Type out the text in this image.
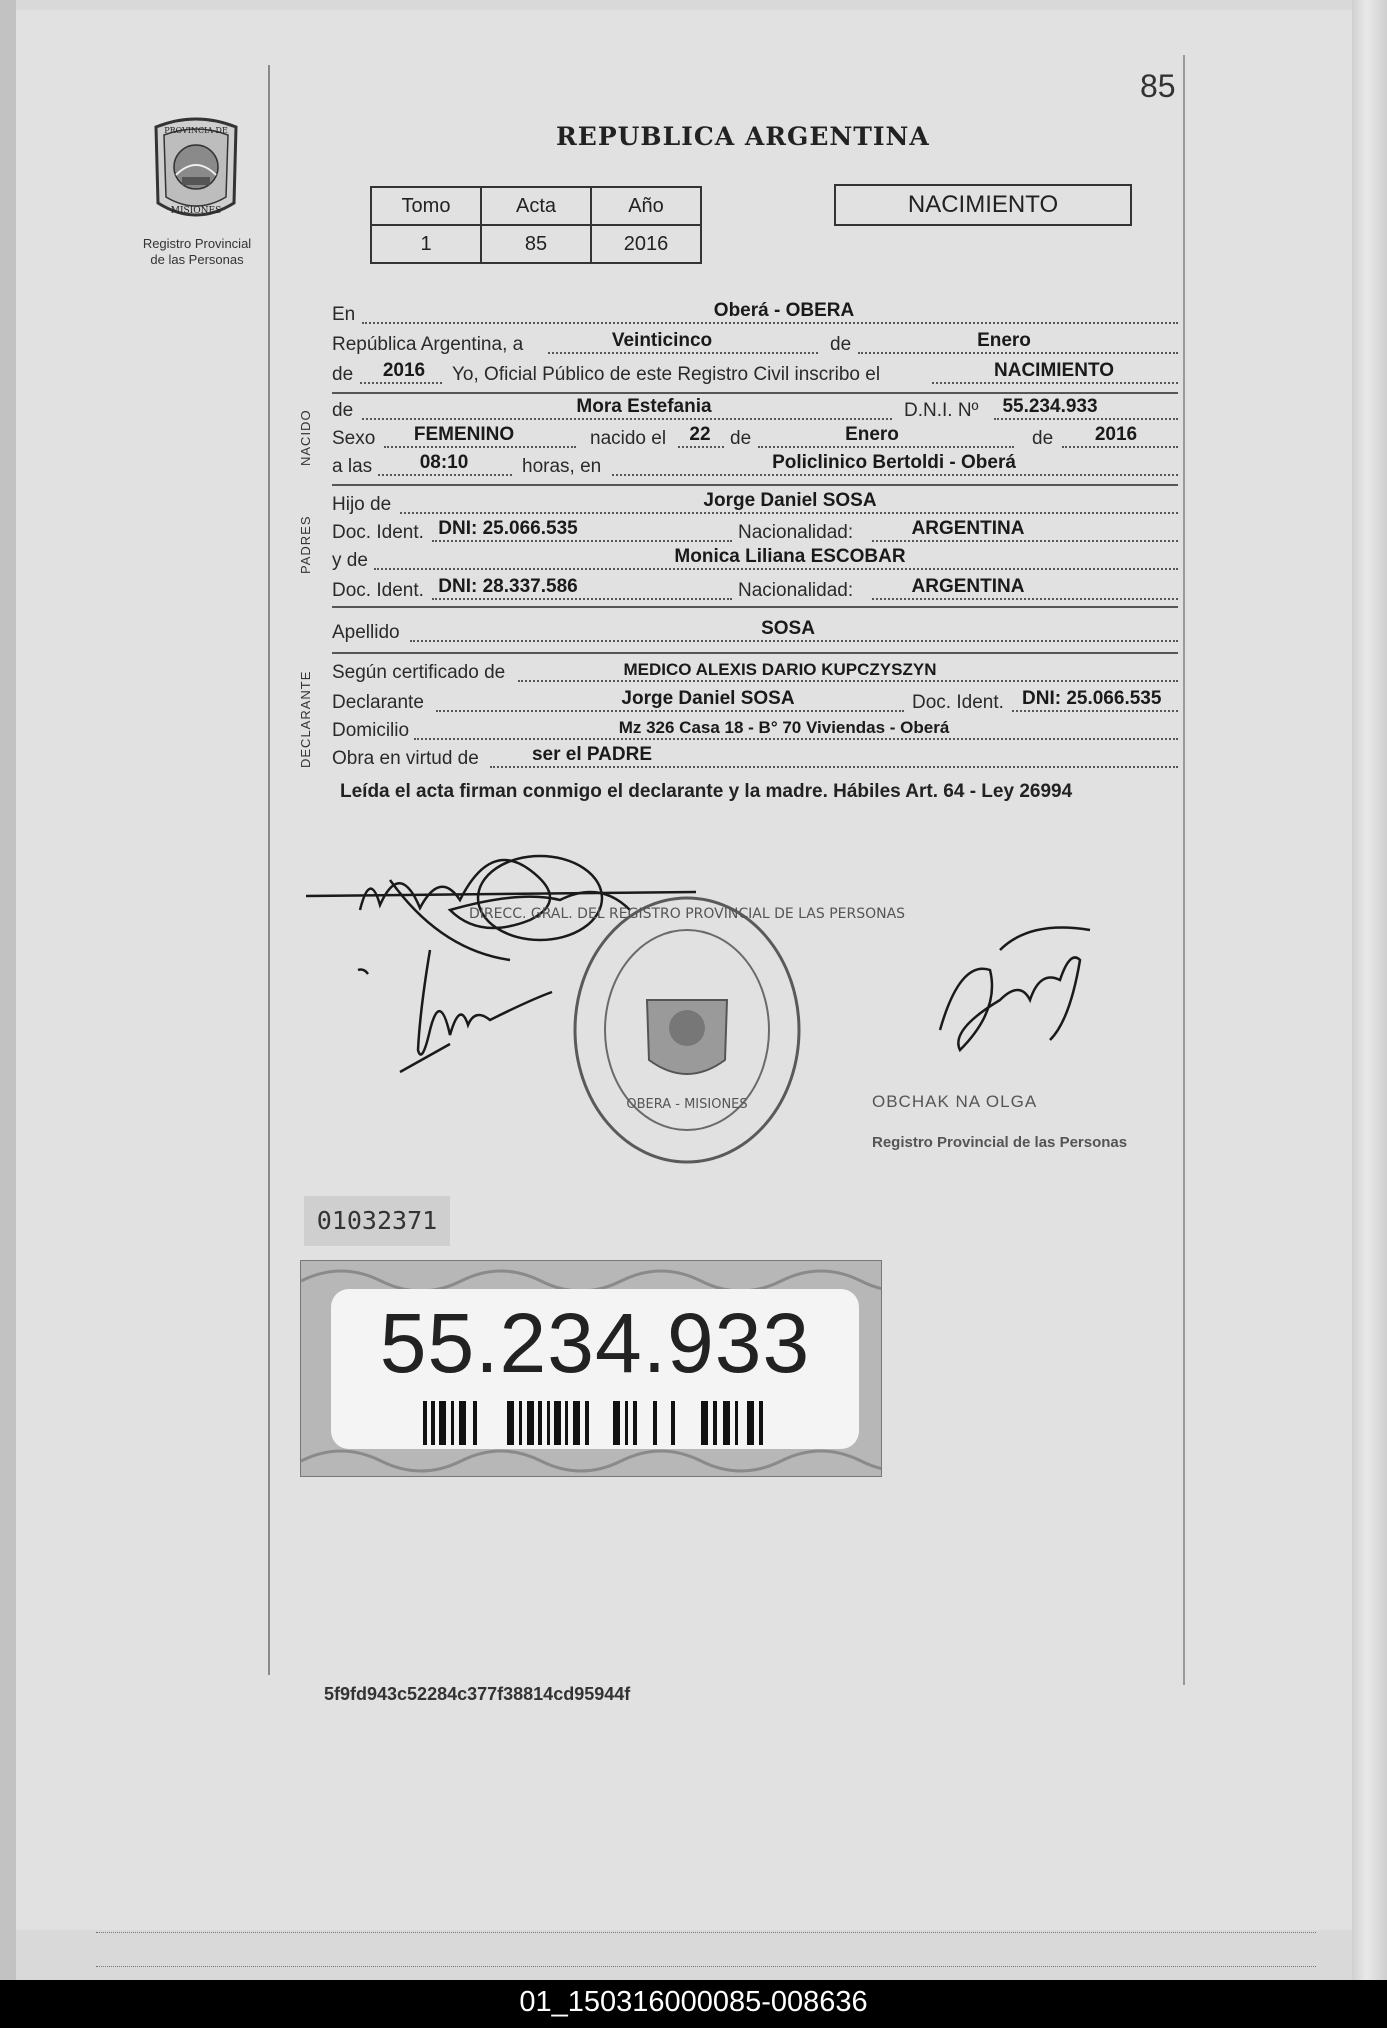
85
REPUBLICA ARGENTINA
PROVINCIA DE
MISIONES
Registro Provincial
de las Personas
Tomo	Acta	Año
1	85	2016
NACIMIENTO
En	Oberá - OBERA
República Argentina, a	Veinticinco	de	Enero
de 2016 Yo, Oficial Público de este Registro Civil inscribo el	NACIMIENTO
NACIDO de	Mora Estefania	D.N.I. Nº 55.234.933
Sexo FEMENINO	nacido el 22 de	Enero	de 2016
a las	08:10	horas, en	Policlinico Bertoldi - Oberá
PADRES
Hijo de	Jorge Daniel SOSA
Doc. Ident. DNI: 25.066.535	Nacionalidad:	ARGENTINA
y de	Monica Liliana ESCOBAR
Doc. Ident. DNI: 28.337.586	Nacionalidad:	ARGENTINA
Apellido	SOSA
DECLARANTE Según certificado de	MEDICO ALEXIS DARIO KUPCZYSZYN
Declarante	Jorge Daniel SOSA	Doc. Ident. DNI: 25.066.535
Domicilio	Mz 326 Casa 18 - B° 70 Viviendas - Oberá
Obra en virtud de	ser el PADRE
Leída el acta firman conmigo el declarante y la madre. Hábiles Art. 64 - Ley 26994
DIRECC. GRAL. DEL REGISTRO PROVINCIAL DE LAS PERSONAS
OBERA - MISIONES	OBCHAK NA OLGA
Registro Provincial de las Personas
01032371
55.234.933
5f9fd943c52284c377f38814cd95944f
01_150316000085-008636
